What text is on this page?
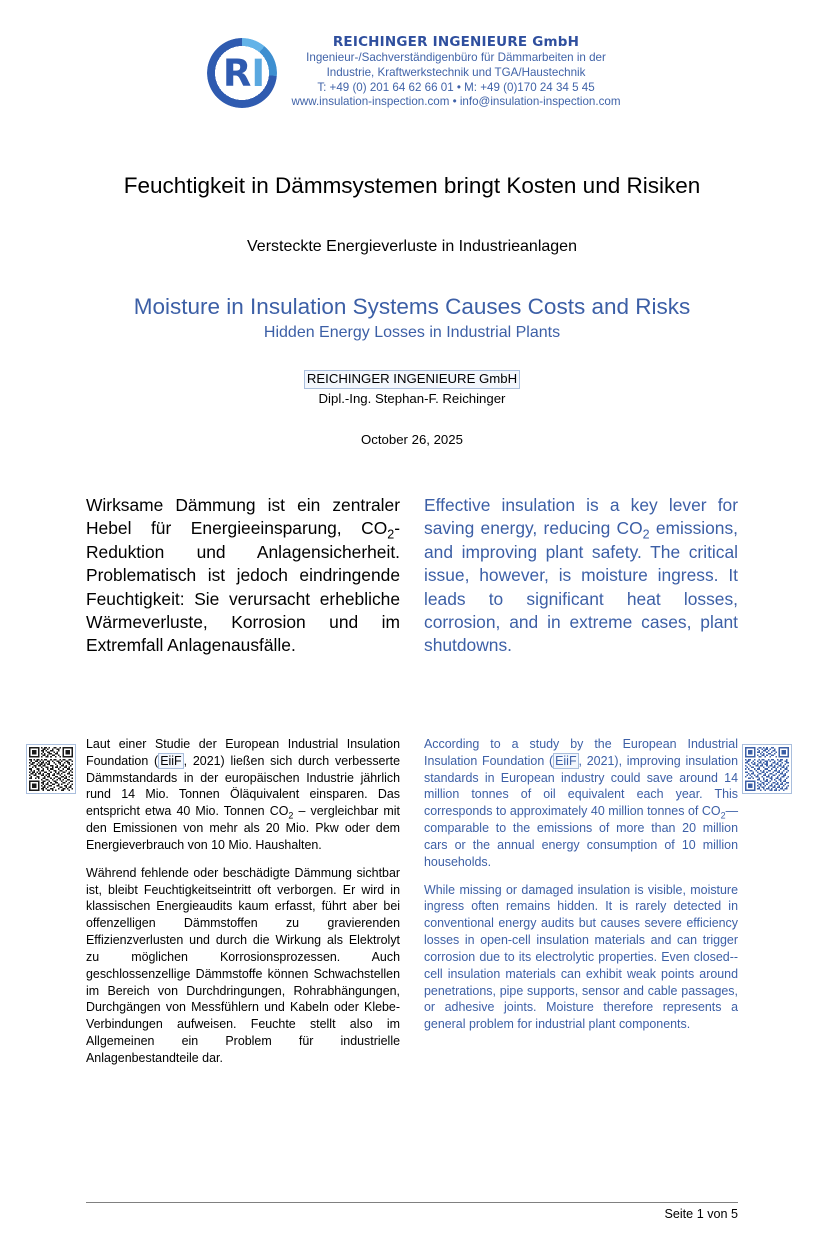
R I
REICHINGER INGENIEURE GmbH
Ingenieur-/Sachverständigenbüro für Dämmarbeiten in der
Industrie, Kraftwerkstechnik und TGA/Haustechnik
T: +49 (0) 201 64 62 66 01 • M: +49 (0)170 24 34 5 45
www.insulation-inspection.com • info@insulation-inspection.com
Feuchtigkeit in Dämmsystemen bringt Kosten und Risiken
Versteckte Energieverluste in Industrieanlagen
Moisture in Insulation Systems Causes Costs and Risks
Hidden Energy Losses in Industrial Plants
REICHINGER INGENIEURE GmbH
Dipl.-Ing. Stephan-F. Reichinger
October 26, 2025
Wirksame Dämmung ist ein zentraler Hebel für Energieeinsparung, $CO_2$-Reduktion und Anlagensicherheit. Problematisch ist jedoch eindringende Feuchtigkeit: Sie verursacht erhebliche Wärmeverluste, Korrosion und im Extremfall Anlagenausfälle.
Effective insulation is a key lever for saving energy, reducing $CO_2$ emissions, and improving plant safety. The critical issue, however, is moisture ingress. It leads to significant heat losses, corrosion, and in extreme cases, plant shutdowns.

Laut einer Studie der European Industrial Insulation Foundation ( EiiF , 2021) ließen sich durch verbesserte Dämmstandards in der europäischen Industrie jährlich rund 14 Mio. Tonnen Öläquivalent einsparen. Das entspricht etwa 40 Mio. Tonnen $CO_2$ – vergleichbar mit den Emissionen von mehr als 20 Mio. Pkw oder dem Energieverbrauch von 10 Mio. Haushalten.

Während fehlende oder beschädigte Dämmung sichtbar ist, bleibt Feuchtigkeitseintritt oft verborgen. Er wird in klassischen Energieaudits kaum erfasst, führt aber bei offenzelligen Dämmstoffen zu gravierenden Effizienzverlusten und durch die Wirkung als Elektrolyt zu möglichen Korrosionsprozessen. Auch geschlossenzellige Dämmstoffe können Schwachstellen im Bereich von Durchdringungen, Rohrabhängungen, Durchgängen von Messfühlern und Kabeln oder Klebe-Verbindungen aufweisen. Feuchte stellt also im Allgemeinen ein Problem für industrielle Anlagenbestandteile dar.

According to a study by the European Industrial Insulation Foundation ( EiiF , 2021), improving insulation standards in European industry could save around 14 million tonnes of oil equivalent each year. This corresponds to approximately 40 million tonnes of $CO_2—comparable$ to the emissions of more than 20 million cars or the annual energy consumption of 10 million households.

While missing or damaged insulation is visible, moisture ingress often remains hidden. It is rarely detected in conventional energy audits but causes severe efficiency losses in open-cell insulation materials and can trigger corrosion due to its electrolytic properties. Even closed--cell insulation materials can exhibit weak points around penetrations, pipe supports, sensor and cable passages, or adhesive joints. Moisture therefore represents a general problem for industrial plant components.

Seite 1 von 5
